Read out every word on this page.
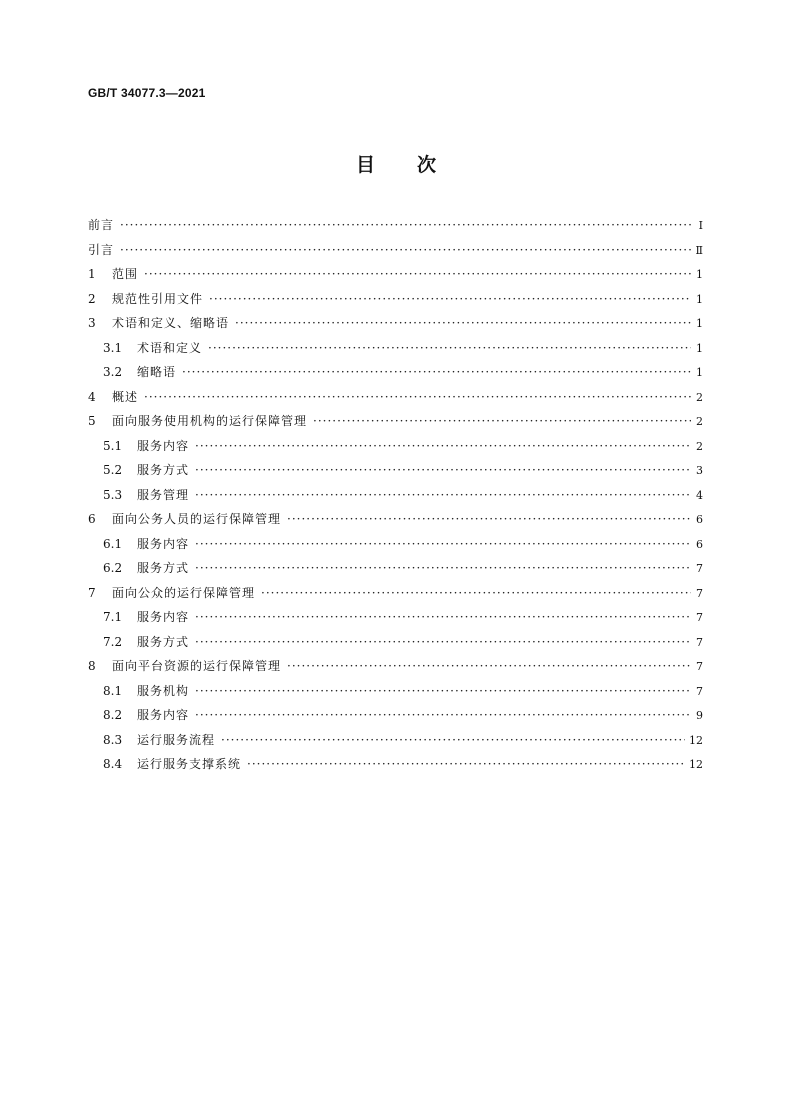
GB/T 34077.3—2021
目 次
前言 ·····	Ⅰ
引言 ·····	Ⅱ
1	范围 ·····	1
2	规范性引用文件 ·····	1
3	术语和定义、缩略语 ·····	1
3.1	术语和定义 ·····	1
3.2	缩略语 ·····	1
4	概述 ·····	2
5	面向服务使用机构的运行保障管理 ·····	2
5.1	服务内容 ·····	2
5.2	服务方式 ·····	3
5.3	服务管理 ·····	4
6	面向公务人员的运行保障管理 ·····	6
6.1	服务内容 ·····	6
6.2	服务方式 ·····	7
7	面向公众的运行保障管理 ·····	7
7.1	服务内容 ·····	7
7.2	服务方式 ·····	7
8	面向平台资源的运行保障管理 ·····	7
8.1	服务机构 ·····	7
8.2	服务内容 ·····	9
8.3	运行服务流程 ·····	12
8.4	运行服务支撑系统 ·····	12
